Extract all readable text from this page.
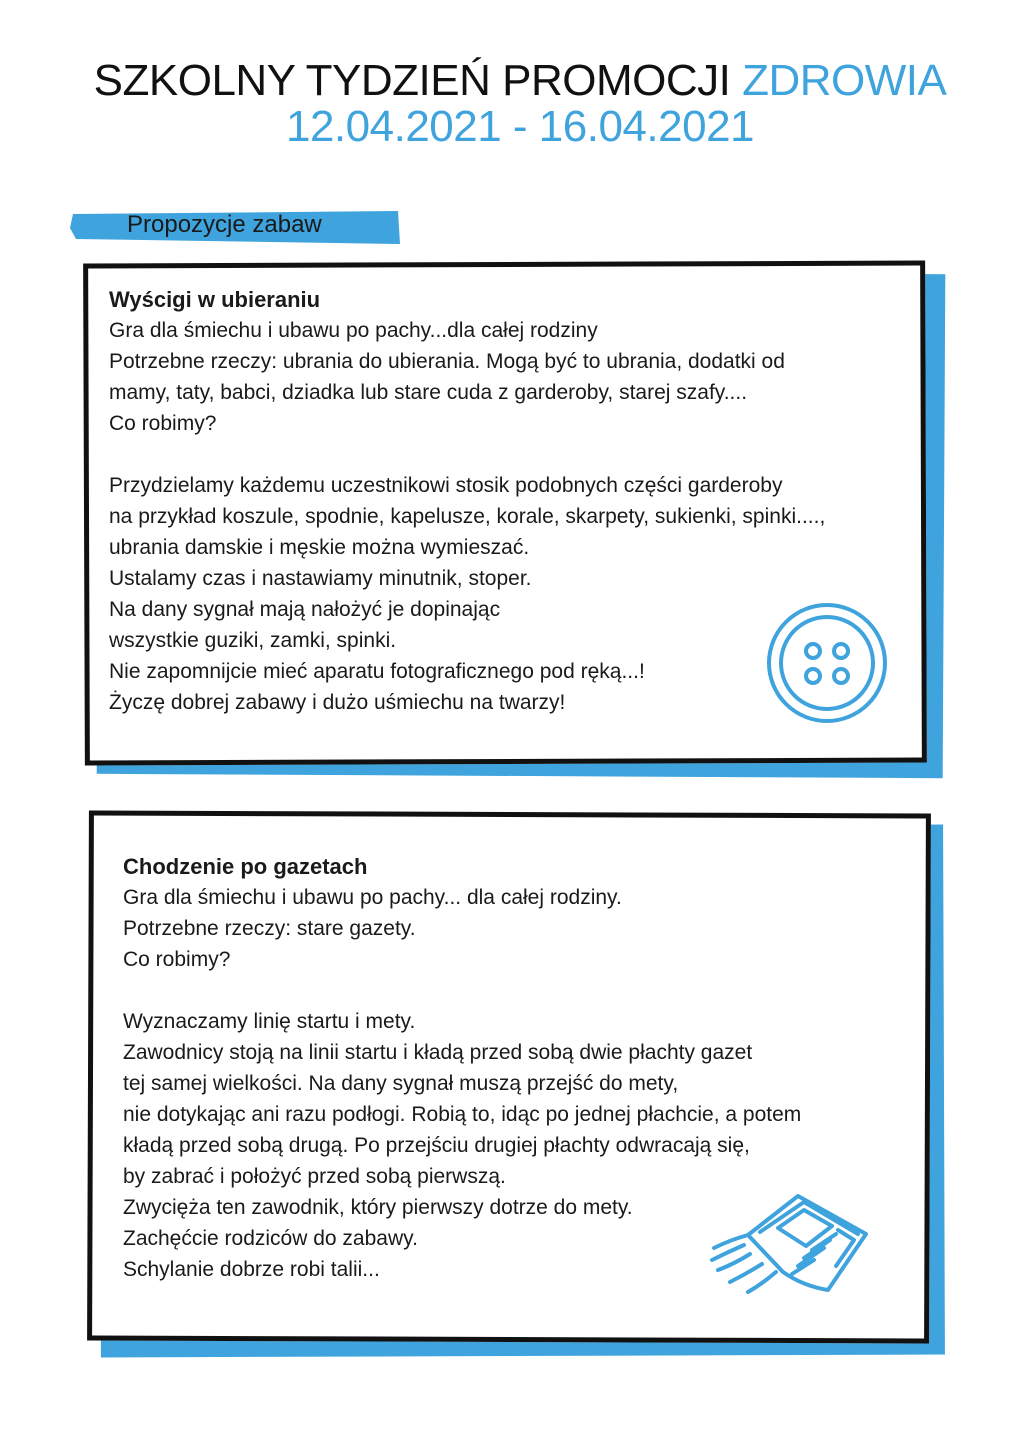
SZKOLNY TYDZIEŃ PROMOCJI ZDROWIA
12.04.2021 - 16.04.2021
Propozycje zabaw
Wyścigi w ubieraniu
Gra dla śmiechu i ubawu po pachy...dla całej rodziny
Potrzebne rzeczy: ubrania do ubierania. Mogą być to ubrania, dodatki od
mamy, taty, babci, dziadka lub stare cuda z garderoby, starej szafy....
Co robimy?
Przydzielamy każdemu uczestnikowi stosik podobnych części garderoby
na przykład koszule, spodnie, kapelusze, korale, skarpety, sukienki, spinki....,
ubrania damskie i męskie można wymieszać.
Ustalamy czas i nastawiamy minutnik, stoper.
Na dany sygnał mają nałożyć je dopinając
wszystkie guziki, zamki, spinki.
Nie zapomnijcie mieć aparatu fotograficznego pod ręką...!
Życzę dobrej zabawy i dużo uśmiechu na twarzy!
Chodzenie po gazetach
Gra dla śmiechu i ubawu po pachy... dla całej rodziny.
Potrzebne rzeczy: stare gazety.
Co robimy?
Wyznaczamy linię startu i mety.
Zawodnicy stoją na linii startu i kładą przed sobą dwie płachty gazet
tej samej wielkości. Na dany sygnał muszą przejść do mety,
nie dotykając ani razu podłogi. Robią to, idąc po jednej płachcie, a potem
kładą przed sobą drugą. Po przejściu drugiej płachty odwracają się,
by zabrać i położyć przed sobą pierwszą.
Zwycięża ten zawodnik, który pierwszy dotrze do mety.
Zachęćcie rodziców do zabawy.
Schylanie dobrze robi talii...
